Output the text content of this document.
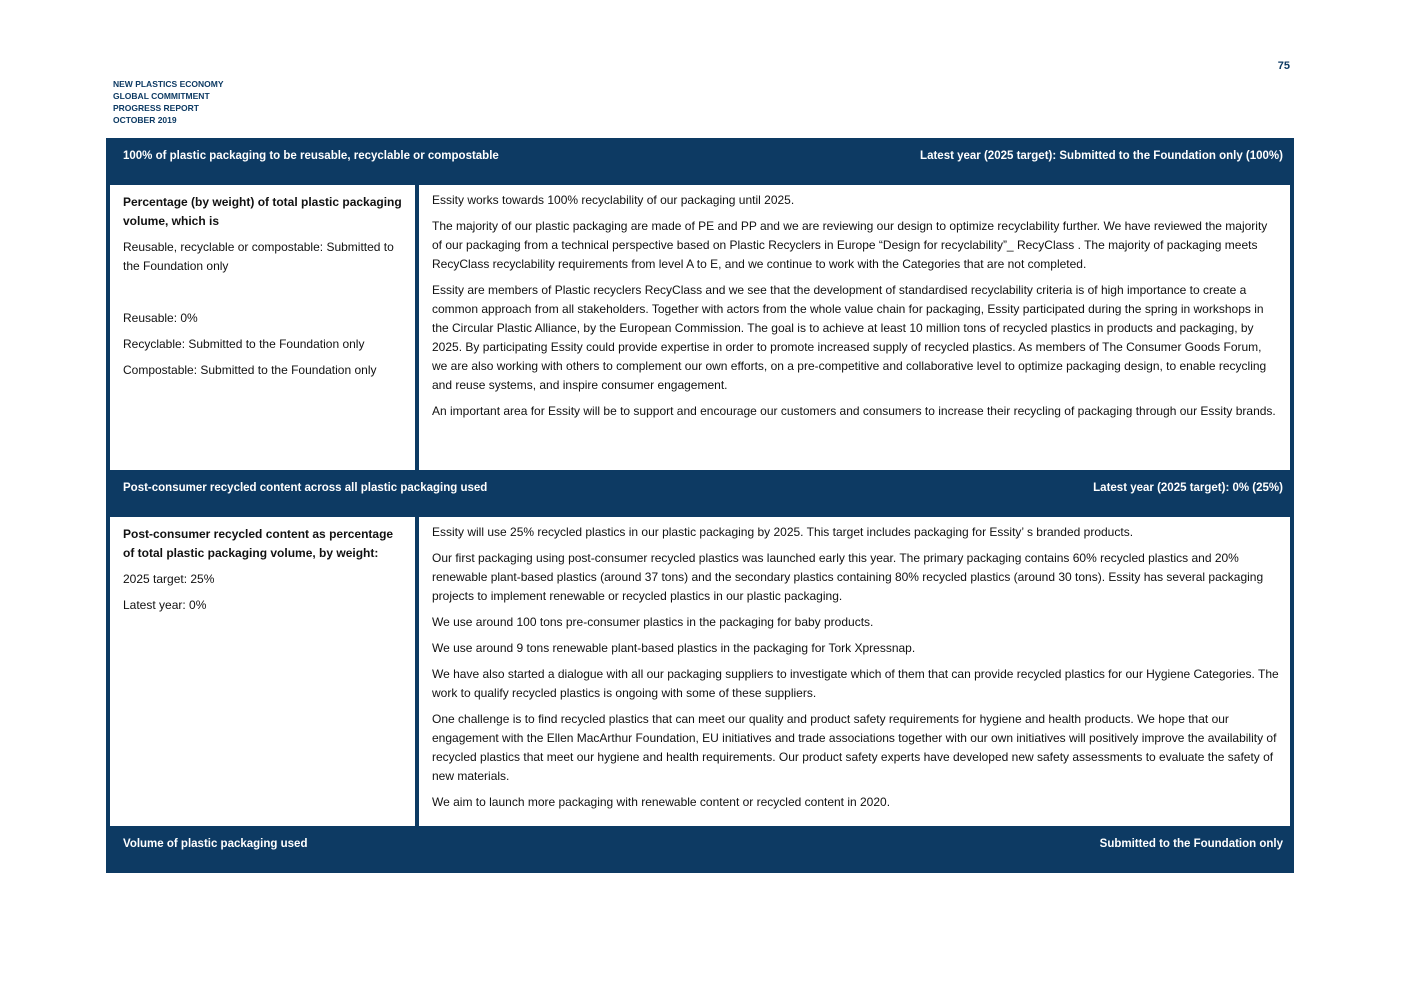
75
NEW PLASTICS ECONOMY
GLOBAL COMMITMENT
PROGRESS REPORT
OCTOBER 2019
100% of plastic packaging to be reusable, recyclable or compostable	Latest year (2025 target): Submitted to the Foundation only (100%)

Percentage (by weight) of total plastic packaging volume, which is

Reusable, recyclable or compostable: Submitted to the Foundation only

Reusable: 0%

Recyclable: Submitted to the Foundation only

Compostable: Submitted to the Foundation only

Essity works towards 100% recyclability of our packaging until 2025.

The majority of our plastic packaging are made of PE and PP and we are reviewing our design to optimize recyclability further. We have reviewed the majority of our packaging from a technical perspective based on Plastic Recyclers in Europe “Design for recyclability”_ RecyClass . The majority of packaging meets RecyClass recyclability requirements from level A to E, and we continue to work with the Categories that are not completed.

Essity are members of Plastic recyclers RecyClass and we see that the development of standardised recyclability criteria is of high importance to create a common approach from all stakeholders. Together with actors from the whole value chain for packaging, Essity participated during the spring in workshops in the Circular Plastic Alliance, by the European Commission. The goal is to achieve at least 10 million tons of recycled plastics in products and packaging, by 2025. By participating Essity could provide expertise in order to promote increased supply of recycled plastics. As members of The Consumer Goods Forum, we are also working with others to complement our own efforts, on a pre-competitive and collaborative level to optimize packaging design, to enable recycling and reuse systems, and inspire consumer engagement.

An important area for Essity will be to support and encourage our customers and consumers to increase their recycling of packaging through our Essity brands.

Post-consumer recycled content across all plastic packaging used	Latest year (2025 target): 0% (25%)

Post-consumer recycled content as percentage of total plastic packaging volume, by weight:

2025 target: 25%

Latest year: 0%

Essity will use 25% recycled plastics in our plastic packaging by 2025. This target includes packaging for Essity’ s branded products.

Our first packaging using post-consumer recycled plastics was launched early this year. The primary packaging contains 60% recycled plastics and 20% renewable plant-based plastics (around 37 tons) and the secondary plastics containing 80% recycled plastics (around 30 tons). Essity has several packaging projects to implement renewable or recycled plastics in our plastic packaging.

We use around 100 tons pre-consumer plastics in the packaging for baby products.

We use around 9 tons renewable plant-based plastics in the packaging for Tork Xpressnap.

We have also started a dialogue with all our packaging suppliers to investigate which of them that can provide recycled plastics for our Hygiene Categories. The work to qualify recycled plastics is ongoing with some of these suppliers.

One challenge is to find recycled plastics that can meet our quality and product safety requirements for hygiene and health products. We hope that our engagement with the Ellen MacArthur Foundation, EU initiatives and trade associations together with our own initiatives will positively improve the availability of recycled plastics that meet our hygiene and health requirements. Our product safety experts have developed new safety assessments to evaluate the safety of new materials.

We aim to launch more packaging with renewable content or recycled content in 2020.

Volume of plastic packaging used	Submitted to the Foundation only
